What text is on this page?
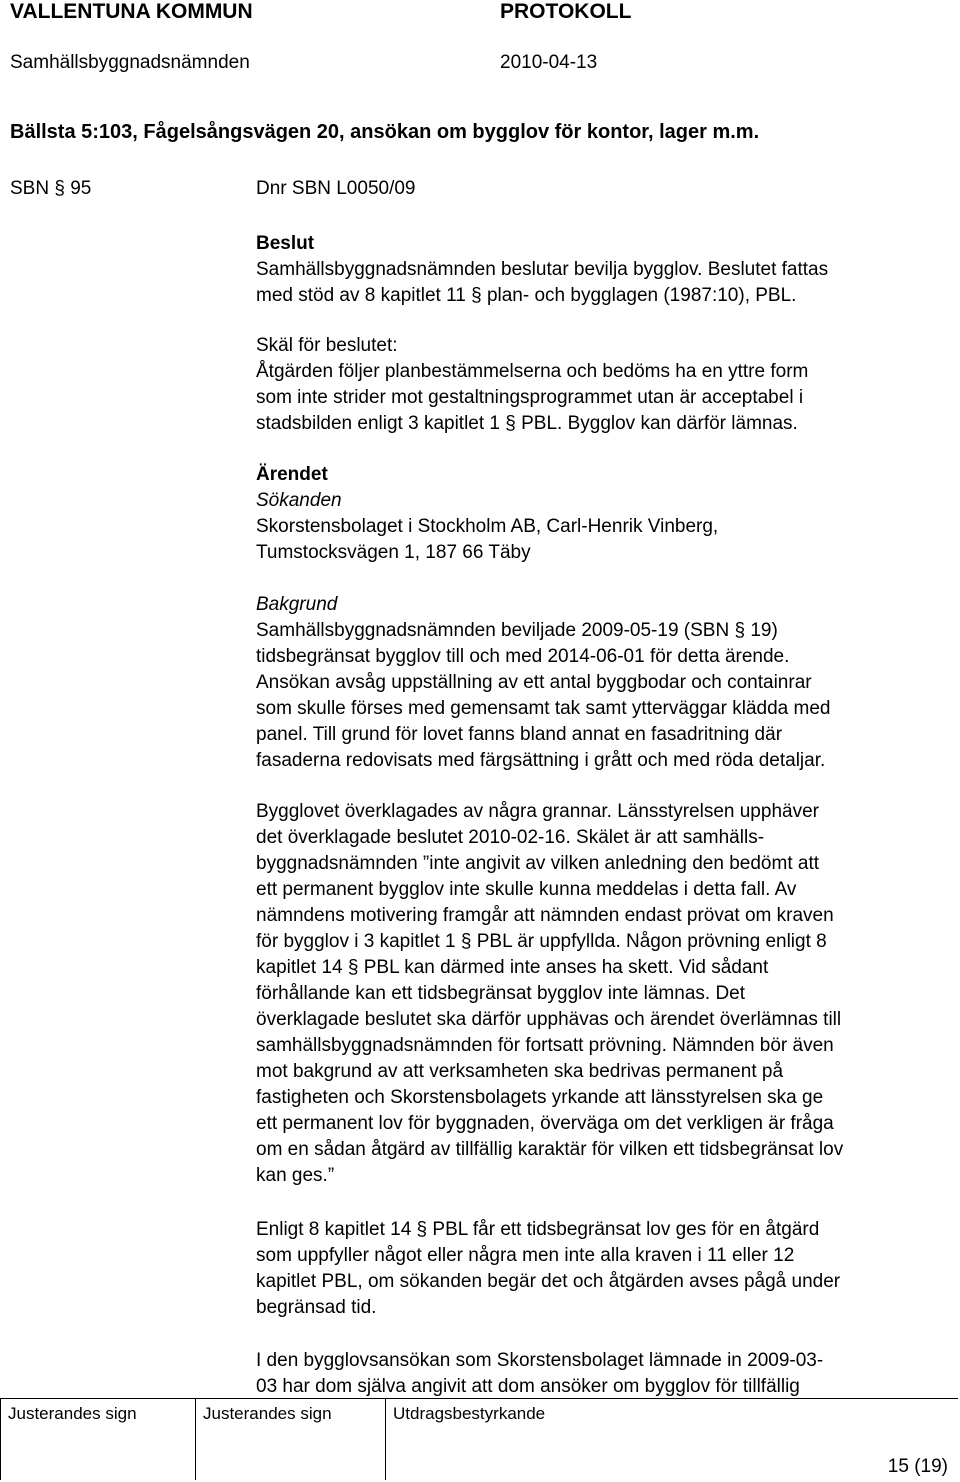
VALLENTUNA KOMMUN	PROTOKOLL
Samhällsbyggnadsnämnden	2010-04-13
Bällsta 5:103, Fågelsångsvägen 20, ansökan om bygglov för kontor, lager m.m.
SBN § 95	Dnr SBN L0050/09
Beslut
Samhällsbyggnadsnämnden beslutar bevilja bygglov. Beslutet fattas
med stöd av 8 kapitlet 11 § plan- och bygglagen (1987:10), PBL.
Skäl för beslutet:
Åtgärden följer planbestämmelserna och bedöms ha en yttre form
som inte strider mot gestaltningsprogrammet utan är acceptabel i
stadsbilden enligt 3 kapitlet 1 § PBL. Bygglov kan därför lämnas.
Ärendet
Sökanden
Skorstensbolaget i Stockholm AB, Carl-Henrik Vinberg,
Tumstocksvägen 1, 187 66 Täby
Bakgrund
Samhällsbyggnadsnämnden beviljade 2009-05-19 (SBN § 19)
tidsbegränsat bygglov till och med 2014-06-01 för detta ärende.
Ansökan avsåg uppställning av ett antal byggbodar och containrar
som skulle förses med gemensamt tak samt ytterväggar klädda med
panel. Till grund för lovet fanns bland annat en fasadritning där
fasaderna redovisats med färgsättning i grått och med röda detaljar.
Bygglovet överklagades av några grannar. Länsstyrelsen upphäver
det överklagade beslutet 2010-02-16. Skälet är att samhälls-
byggnadsnämnden ”inte angivit av vilken anledning den bedömt att
ett permanent bygglov inte skulle kunna meddelas i detta fall. Av
nämndens motivering framgår att nämnden endast prövat om kraven
för bygglov i 3 kapitlet 1 § PBL är uppfyllda. Någon prövning enligt 8
kapitlet 14 § PBL kan därmed inte anses ha skett. Vid sådant
förhållande kan ett tidsbegränsat bygglov inte lämnas. Det
överklagade beslutet ska därför upphävas och ärendet överlämnas till
samhällsbyggnadsnämnden för fortsatt prövning. Nämnden bör även
mot bakgrund av att verksamheten ska bedrivas permanent på
fastigheten och Skorstensbolagets yrkande att länsstyrelsen ska ge
ett permanent lov för byggnaden, överväga om det verkligen är fråga
om en sådan åtgärd av tillfällig karaktär för vilken ett tidsbegränsat lov
kan ges.”
Enligt 8 kapitlet 14 § PBL får ett tidsbegränsat lov ges för en åtgärd
som uppfyller något eller några men inte alla kraven i 11 eller 12
kapitlet PBL, om sökanden begär det och åtgärden avses pågå under
begränsad tid.
I den bygglovsansökan som Skorstensbolaget lämnade in 2009-03-
03 har dom själva angivit att dom ansöker om bygglov för tillfällig
Justerandes sign	Justerandes sign	Utdragsbestyrkande
15 (19)
